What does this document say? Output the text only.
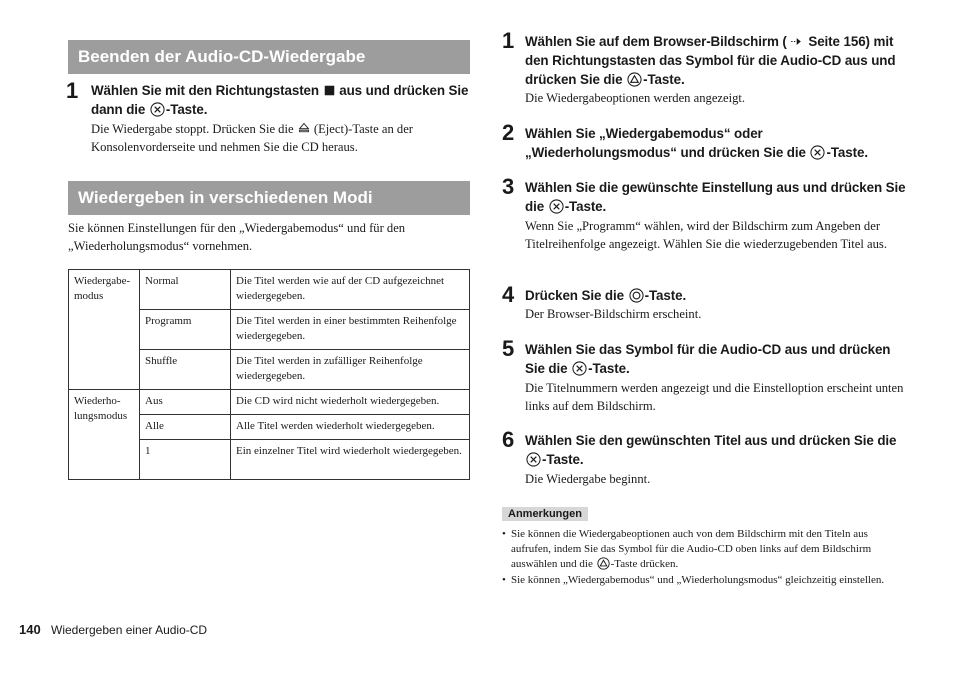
Beenden der Audio-CD-Wiedergabe
1 Wählen Sie mit den Richtungstasten aus und drücken Sie dann die -Taste.
Die Wiedergabe stoppt. Drücken Sie die (Eject)-Taste an der Konsolenvorderseite und nehmen Sie die CD heraus.
Wiedergeben in verschiedenen Modi
Sie können Einstellungen für den „Wiedergabemodus“ und für den „Wiederholungsmodus“ vornehmen.
Wiedergabe-modus	Normal	Die Titel werden wie auf der CD aufgezeichnet wiedergegeben.
	Programm	Die Titel werden in einer bestimmten Reihenfolge wiedergegeben.
	Shuffle	Die Titel werden in zufälliger Reihenfolge wiedergegeben.
Wiederho-lungsmodus	Aus	Die CD wird nicht wiederholt wiedergegeben.
	Alle	Alle Titel werden wiederholt wiedergegeben.
	1	Ein einzelner Titel wird wiederholt wiedergegeben.
1 Wählen Sie auf dem Browser-Bildschirm ( Seite 156) mit den Richtungstasten das Symbol für die Audio-CD aus und drücken Sie die -Taste.
Die Wiedergabeoptionen werden angezeigt.
2 Wählen Sie „Wiedergabemodus“ oder „Wiederholungsmodus“ und drücken Sie die -Taste.
3 Wählen Sie die gewünschte Einstellung aus und drücken Sie die -Taste.
Wenn Sie „Programm“ wählen, wird der Bildschirm zum Angeben der Titelreihenfolge angezeigt. Wählen Sie die wiederzugebenden Titel aus.
4 Drücken Sie die -Taste.
Der Browser-Bildschirm erscheint.
5 Wählen Sie das Symbol für die Audio-CD aus und drücken Sie die -Taste.
Die Titelnummern werden angezeigt und die Einstelloption erscheint unten links auf dem Bildschirm.
6 Wählen Sie den gewünschten Titel aus und drücken Sie die -Taste.
Die Wiedergabe beginnt.
Anmerkungen
• Sie können die Wiedergabeoptionen auch von dem Bildschirm mit den Titeln aus aufrufen, indem Sie das Symbol für die Audio-CD oben links auf dem Bildschirm auswählen und die -Taste drücken.
• Sie können „Wiedergabemodus“ und „Wiederholungsmodus“ gleichzeitig einstellen.
140 Wiedergeben einer Audio-CD
